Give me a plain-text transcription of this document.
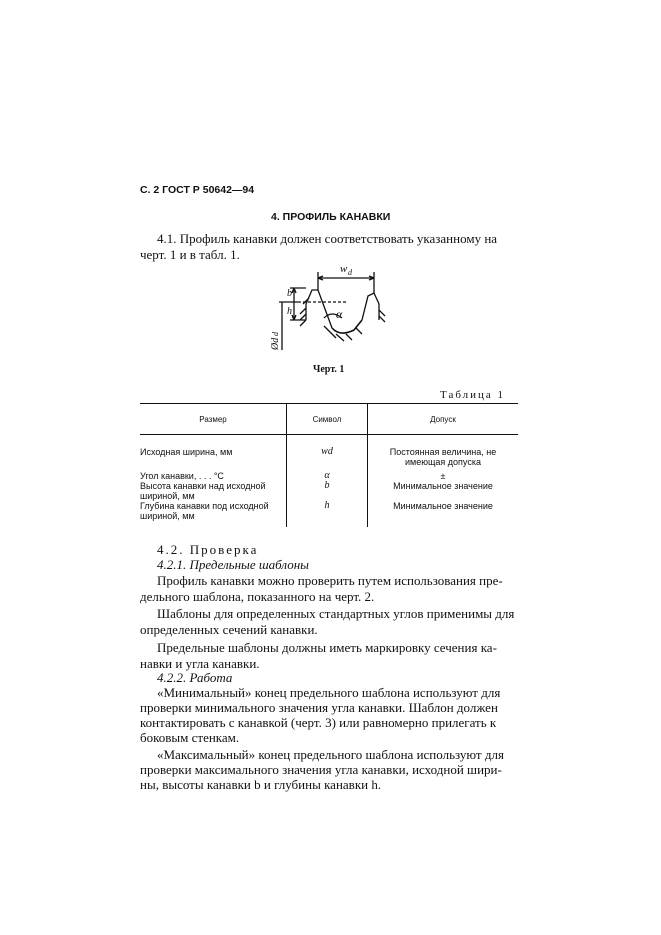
С. 2 ГОСТ Р 50642—94
4. ПРОФИЛЬ КАНАВКИ
4.1. Профиль канавки должен соответствовать указанному на
черт. 1 и в табл. 1.
w d
b
h	α
Ød
d
Черт. 1
Таблица 1
Размер	Символ	Допуск
Исходная ширина, мм	wd	Постоянная величина, не
имеющая допуска

Угол канавки, . . . °C	α	±

Высота канавки над исходной
шириной, мм	b	Минимальное значение

Глубина канавки под исходной
шириной, мм	h	Минимальное значение
4.2. Проверка
4.2.1. Предельные шаблоны
Профиль канавки можно проверить путем использования пре-
дельного шаблона, показанного на черт. 2.
Шаблоны для определенных стандартных углов применимы для
определенных сечений канавки.
Предельные шаблоны должны иметь маркировку сечения ка-
навки и угла канавки.
4.2.2. Работа
«Минимальный» конец предельного шаблона используют для
проверки минимального значения угла канавки. Шаблон должен
контактировать с канавкой (черт. 3) или равномерно прилегать к
боковым стенкам.
«Максимальный» конец предельного шаблона используют для
проверки максимального значения угла канавки, исходной шири-
ны, высоты канавки b и глубины канавки h.
